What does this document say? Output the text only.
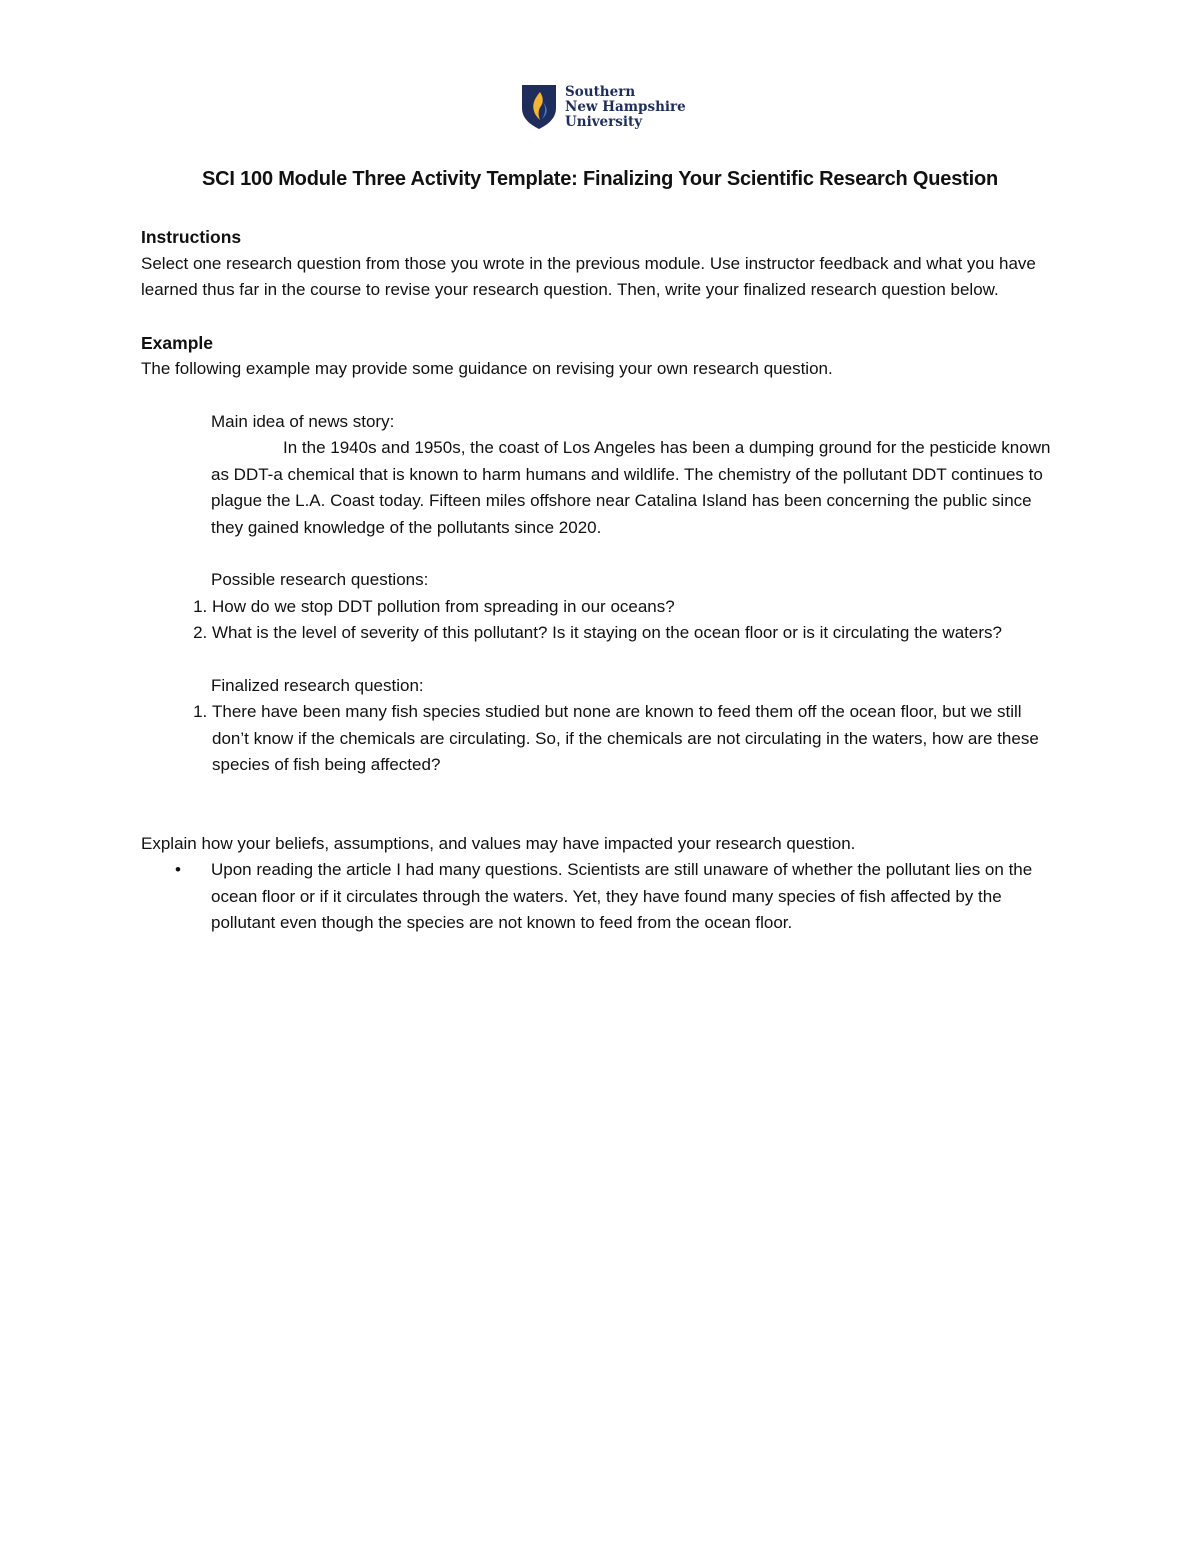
Southern
New Hampshire
University
SCI 100 Module Three Activity Template: Finalizing Your Scientific Research Question

Instructions

Select one research question from those you wrote in the previous module. Use instructor feedback and what you have learned thus far in the course to revise your research question. Then, write your finalized research question below.

Example

The following example may provide some guidance on revising your own research question.

Main idea of news story:

In the 1940s and 1950s, the coast of Los Angeles has been a dumping ground for the pesticide known as DDT-a chemical that is known to harm humans and wildlife. The chemistry of the pollutant DDT continues to plague the L.A. Coast today. Fifteen miles offshore near Catalina Island has been concerning the public since they gained knowledge of the pollutants since 2020.

Possible research questions:

1. How do we stop DDT pollution from spreading in our oceans?
2. What is the level of severity of this pollutant? Is it staying on the ocean floor or is it circulating the waters?

Finalized research question:

1. There have been many fish species studied but none are known to feed them off the ocean floor, but we still don’t know if the chemicals are circulating. So, if the chemicals are not circulating in the waters, how are these species of fish being affected?

Explain how your beliefs, assumptions, and values may have impacted your research question.

• Upon reading the article I had many questions. Scientists are still unaware of whether the pollutant lies on the ocean floor or if it circulates through the waters. Yet, they have found many species of fish affected by the pollutant even though the species are not known to feed from the ocean floor.
